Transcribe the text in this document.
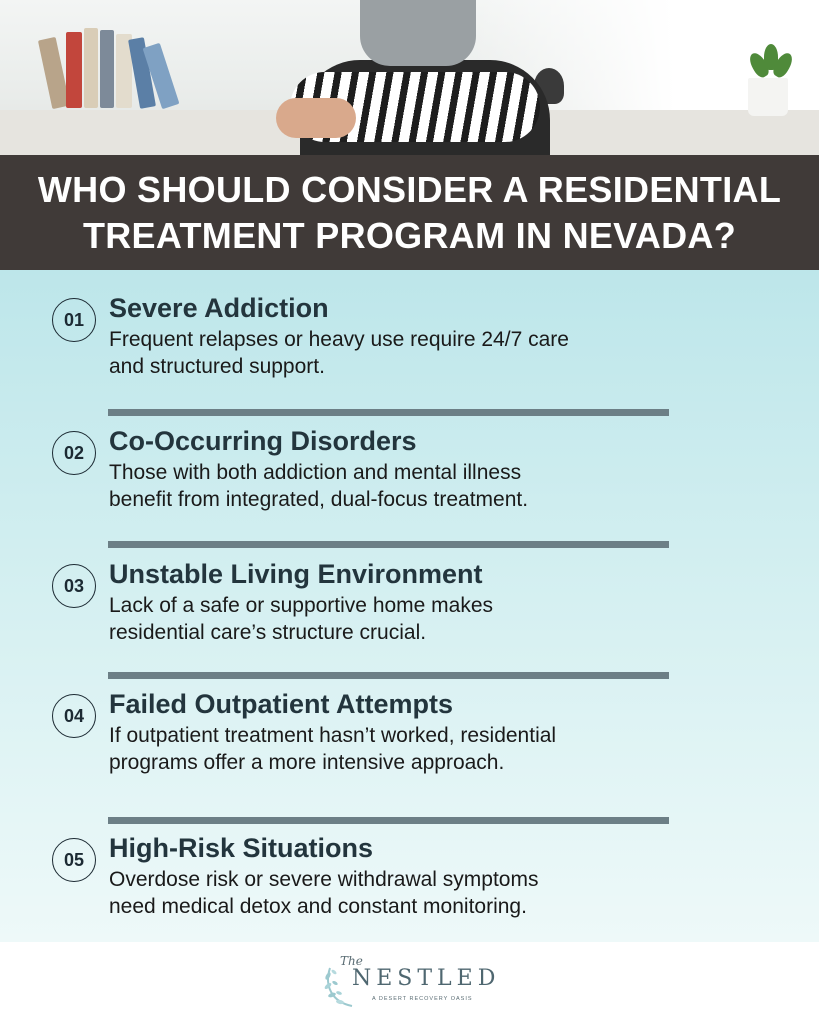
WHO SHOULD CONSIDER A RESIDENTIAL
TREATMENT PROGRAM IN NEVADA?
01 Severe Addiction

Frequent relapses or heavy use require 24/7 care
and structured support.

02 Co-Occurring Disorders

Those with both addiction and mental illness
benefit from integrated, dual-focus treatment.

03 Unstable Living Environment

Lack of a safe or supportive home makes
residential care’s structure crucial.

04 Failed Outpatient Attempts

If outpatient treatment hasn’t worked, residential
programs offer a more intensive approach.

05 High-Risk Situations

Overdose risk or severe withdrawal symptoms
need medical detox and constant monitoring.

The
NESTLED
A DESERT RECOVERY OASIS
